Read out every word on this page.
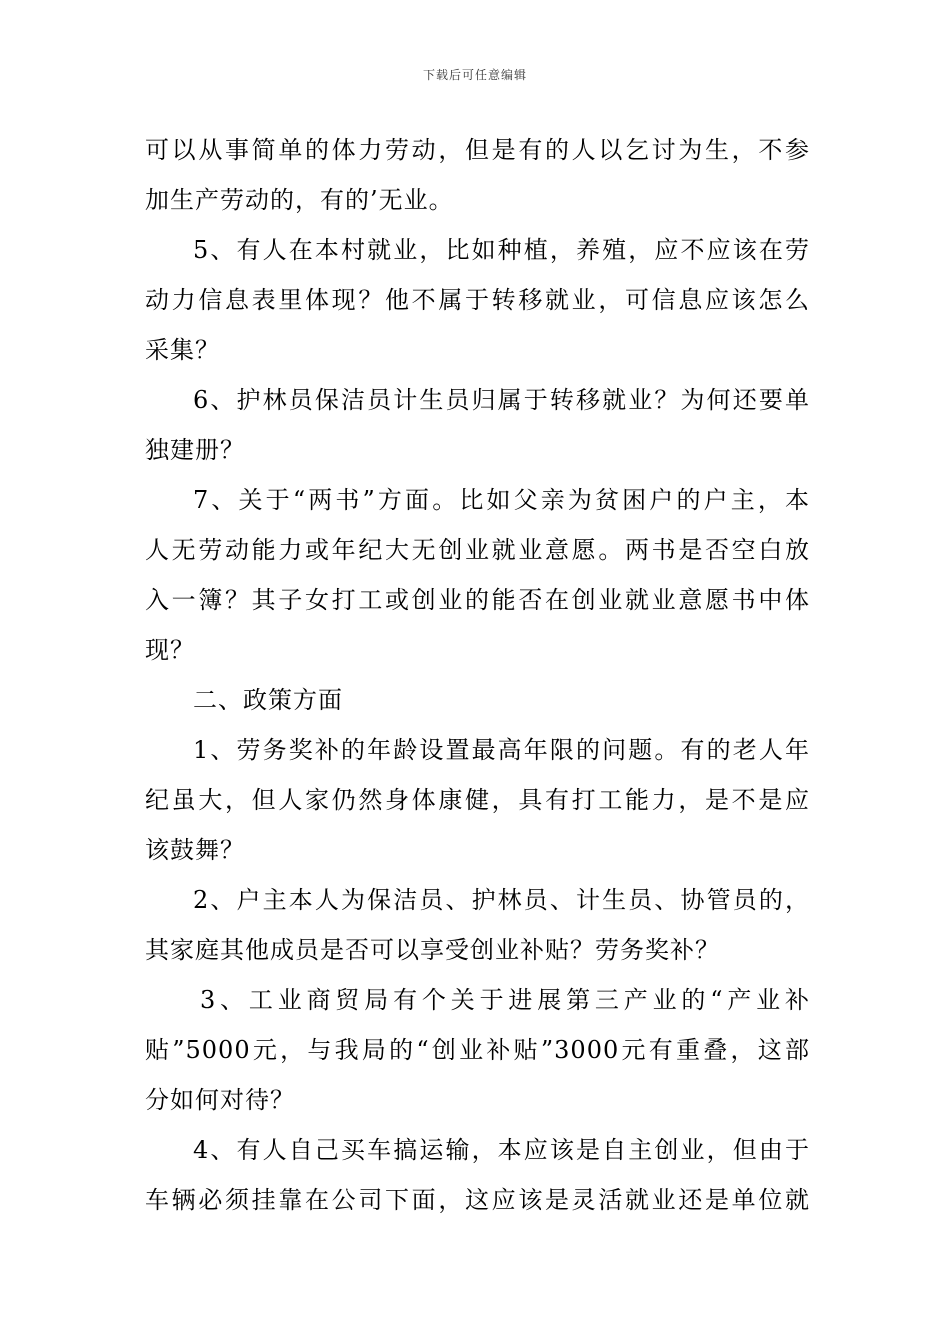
下载后可任意编辑
可以从事简单的体力劳动，但是有的人以乞讨为生，不参
加生产劳动的，有的’无业。
5、有人在本村就业，比如种植，养殖，应不应该在劳
动力信息表里体现？他不属于转移就业，可信息应该怎么
采集？
6、护林员保洁员计生员归属于转移就业？为何还要单
独建册？
7、关于“两书”方面。比如父亲为贫困户的户主，本
人无劳动能力或年纪大无创业就业意愿。两书是否空白放
入一簿？其子女打工或创业的能否在创业就业意愿书中体
现？
二、政策方面
1、劳务奖补的年龄设置最高年限的问题。有的老人年
纪虽大，但人家仍然身体康健，具有打工能力，是不是应
该鼓舞？
2、户主本人为保洁员、护林员、计生员、协管员的，
其家庭其他成员是否可以享受创业补贴？劳务奖补？
3、工业商贸局有个关于进展第三产业的“产业补
贴”5000元，与我局的“创业补贴”3000元有重叠，这部
分如何对待？
4、有人自己买车搞运输，本应该是自主创业，但由于
车辆必须挂靠在公司下面，这应该是灵活就业还是单位就
